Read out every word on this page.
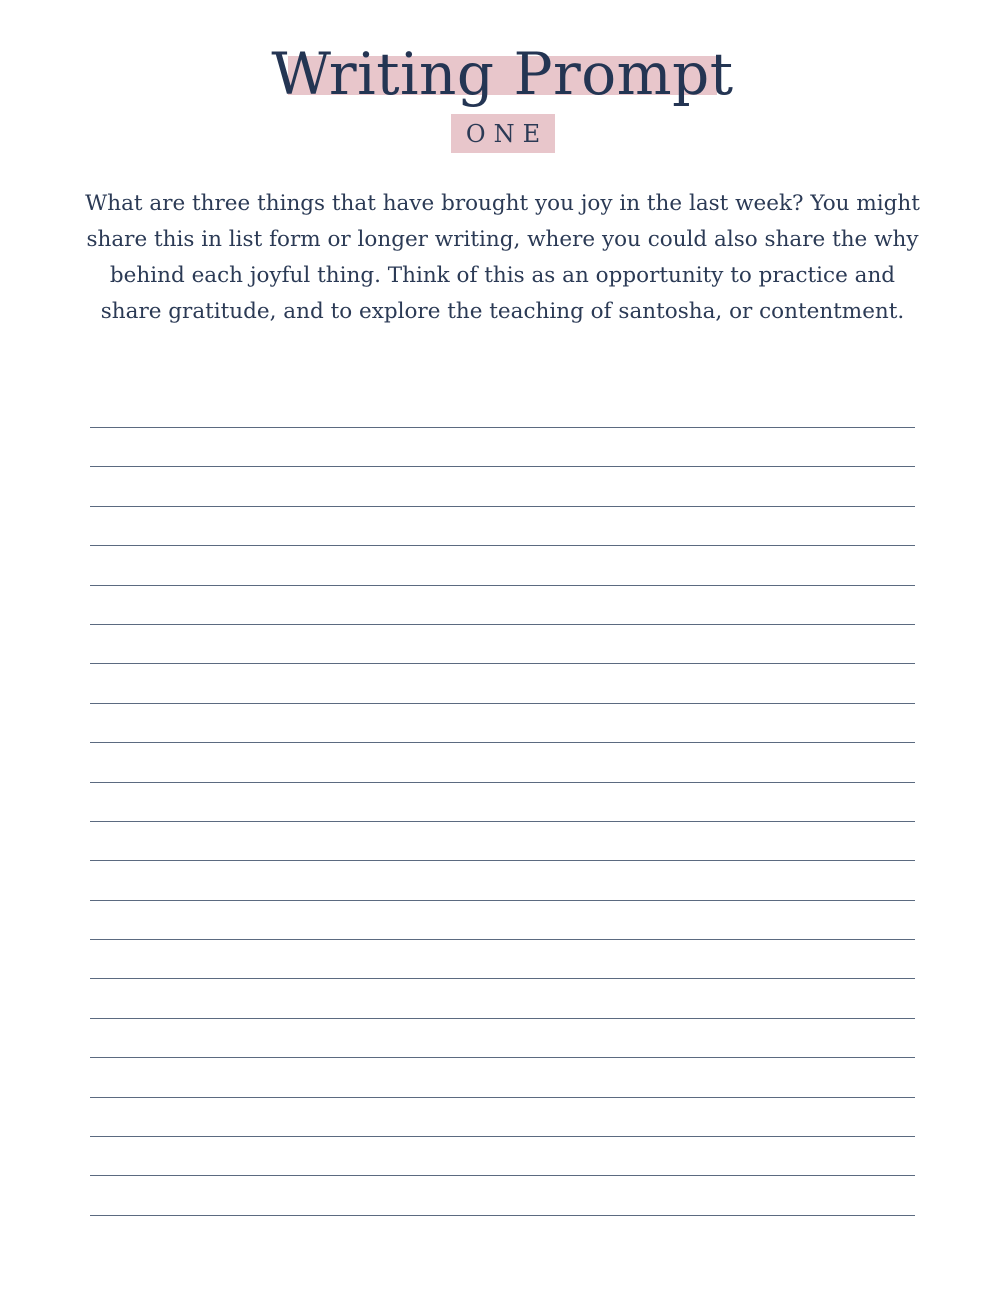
Writing Prompt
ONE

What are three things that have brought you joy in the last week? You might share this in list form or longer writing, where you could also share the why behind each joyful thing. Think of this as an opportunity to practice and share gratitude, and to explore the teaching of santosha, or contentment.
